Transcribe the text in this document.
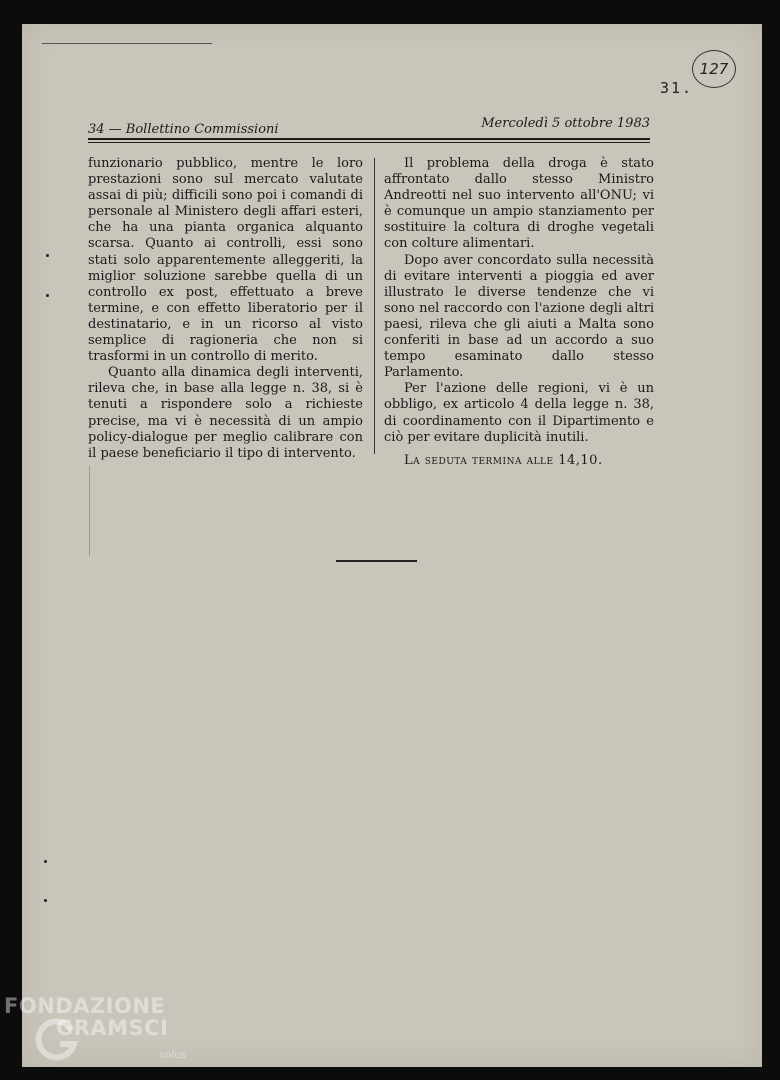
31.
127
34 — Bollettino Commissioni	Mercoledì 5 ottobre 1983

funzionario pubblico, mentre le loro prestazioni sono sul mercato valutate assai di più; difficili sono poi i comandi di personale al Ministero degli affari esteri, che ha una pianta organica alquanto scarsa. Quanto ai controlli, essi sono stati solo apparentemente alleggeriti, la miglior soluzione sarebbe quella di un controllo ex post, effettuato a breve termine, e con effetto liberatorio per il destinatario, e in un ricorso al visto semplice di ragioneria che non si trasformi in un controllo di merito.

Quanto alla dinamica degli interventi, rileva che, in base alla legge n. 38, si è tenuti a rispondere solo a richieste precise, ma vi è necessità di un ampio policy-dialogue per meglio calibrare con il paese beneficiario il tipo di intervento.

Il problema della droga è stato affrontato dallo stesso Ministro Andreotti nel suo intervento all'ONU; vi è comunque un ampio stanziamento per sostituire la coltura di droghe vegetali con colture alimentari.

Dopo aver concordato sulla necessità di evitare interventi a pioggia ed aver illustrato le diverse tendenze che vi sono nel raccordo con l'azione degli altri paesi, rileva che gli aiuti a Malta sono conferiti in base ad un accordo a suo tempo esaminato dallo stesso Parlamento.

Per l'azione delle regioni, vi è un obbligo, ex articolo 4 della legge n. 38, di coordinamento con il Dipartimento e ciò per evitare duplicità inutili.

La seduta termina alle 14,10.

FONDAZIONE
GRAMSCI
onlus
